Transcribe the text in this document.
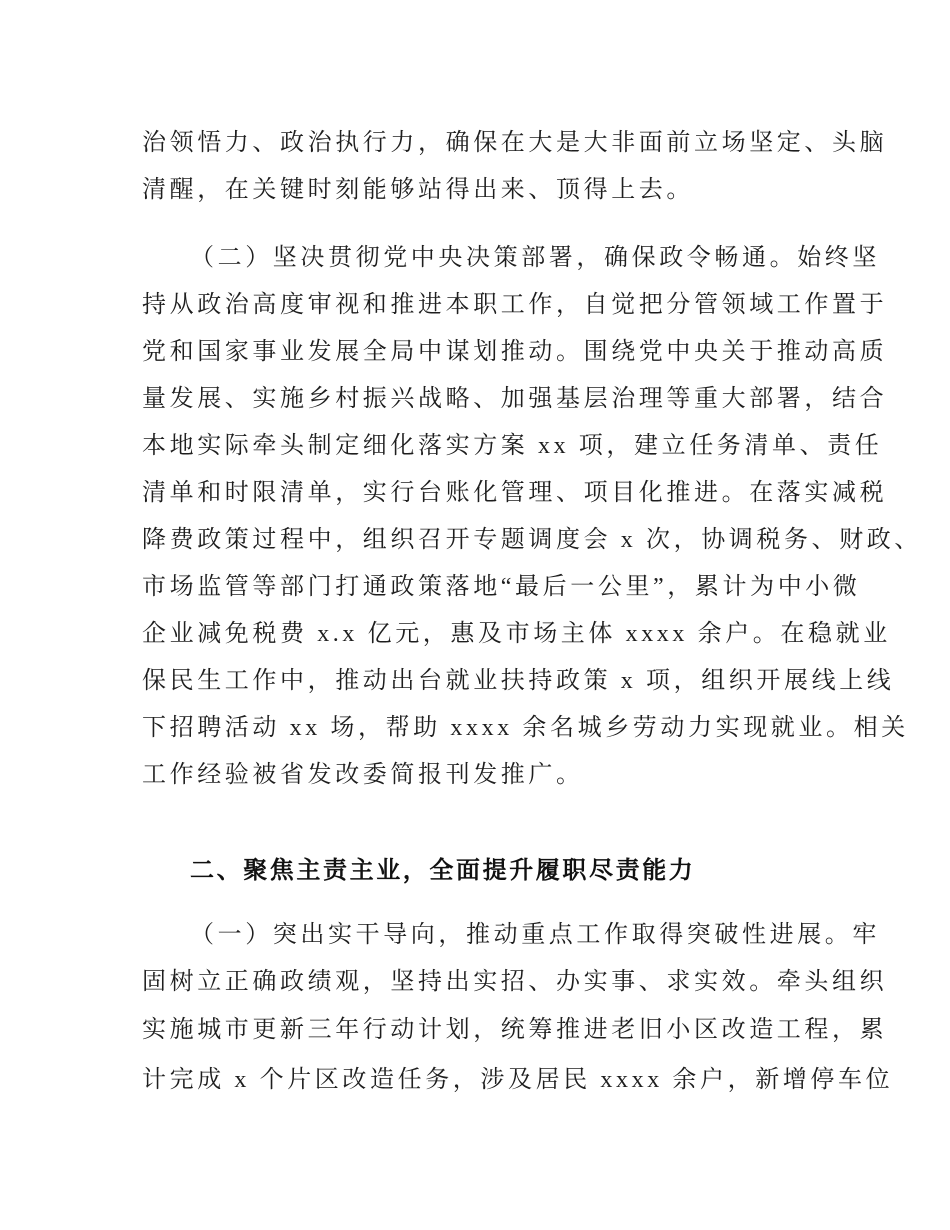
治领悟力、政治执行力，确保在大是大非面前立场坚定、头脑
清醒，在关键时刻能够站得出来、顶得上去。
（二）坚决贯彻党中央决策部署，确保政令畅通。始终坚
持从政治高度审视和推进本职工作，自觉把分管领域工作置于
党和国家事业发展全局中谋划推动。围绕党中央关于推动高质
量发展、实施乡村振兴战略、加强基层治理等重大部署，结合
本地实际牵头制定细化落实方案 xx 项，建立任务清单、责任
清单和时限清单，实行台账化管理、项目化推进。在落实减税
降费政策过程中，组织召开专题调度会 x 次，协调税务、财政、
市场监管等部门打通政策落地“最后一公里”，累计为中小微
企业减免税费 x.x 亿元，惠及市场主体 xxxx 余户。在稳就业
保民生工作中，推动出台就业扶持政策 x 项，组织开展线上线
下招聘活动 xx 场，帮助 xxxx 余名城乡劳动力实现就业。相关
工作经验被省发改委简报刊发推广。
二、聚焦主责主业，全面提升履职尽责能力
（一）突出实干导向，推动重点工作取得突破性进展。牢
固树立正确政绩观，坚持出实招、办实事、求实效。牵头组织
实施城市更新三年行动计划，统筹推进老旧小区改造工程，累
计完成 x 个片区改造任务，涉及居民 xxxx 余户，新增停车位
